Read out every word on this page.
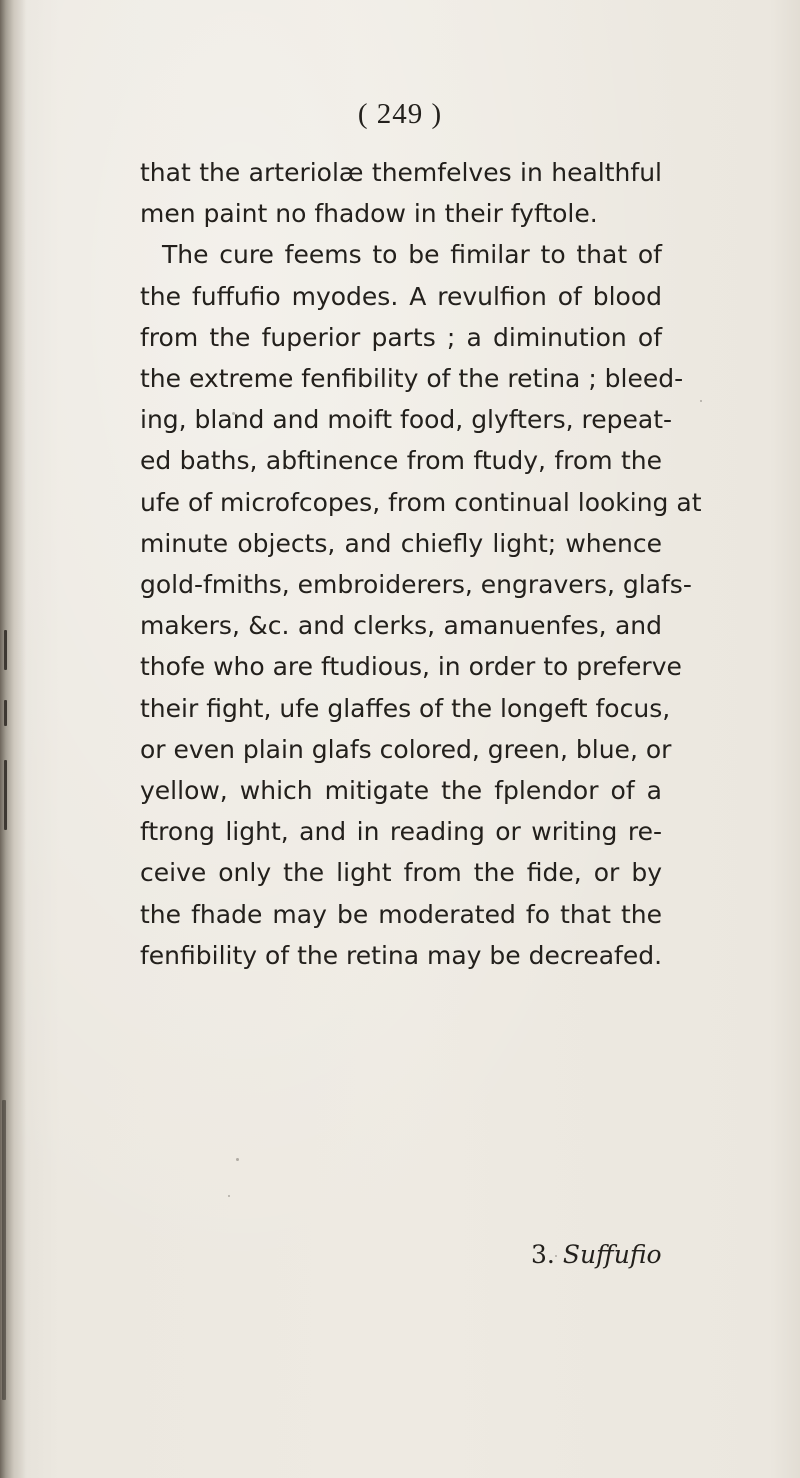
( 249 )

that the arteriolæ themfelves in healthful
men paint no fhadow in their fyftole.
The cure feems to be fimilar to that of
the fuffufio myodes. A revulfion of blood
from the fuperior parts ; a diminution of
the extreme fenfibility of the retina ; bleed-
ing, bland and moift food, glyfters, repeat-
ed baths, abftinence from ftudy, from the
ufe of microfcopes, from continual looking at
minute objeсts, and chiefly light; whence
gold-fmiths, embroiderers, engravers, glafs-
makers, &c. and clerks, amanuenfes, and
thofe who are ftudious, in order to preferve
their fight, ufe glaffes of the longeft focus,
or even plain glafs colored, green, blue, or
yellow, which mitigate the fplendor of a
ftrong light, and in reading or writing re-
ceive only the light from the fide, or by
the fhade may be moderated fo that the
fenfibility of the retina may be decreafed.

3. Suffufio
